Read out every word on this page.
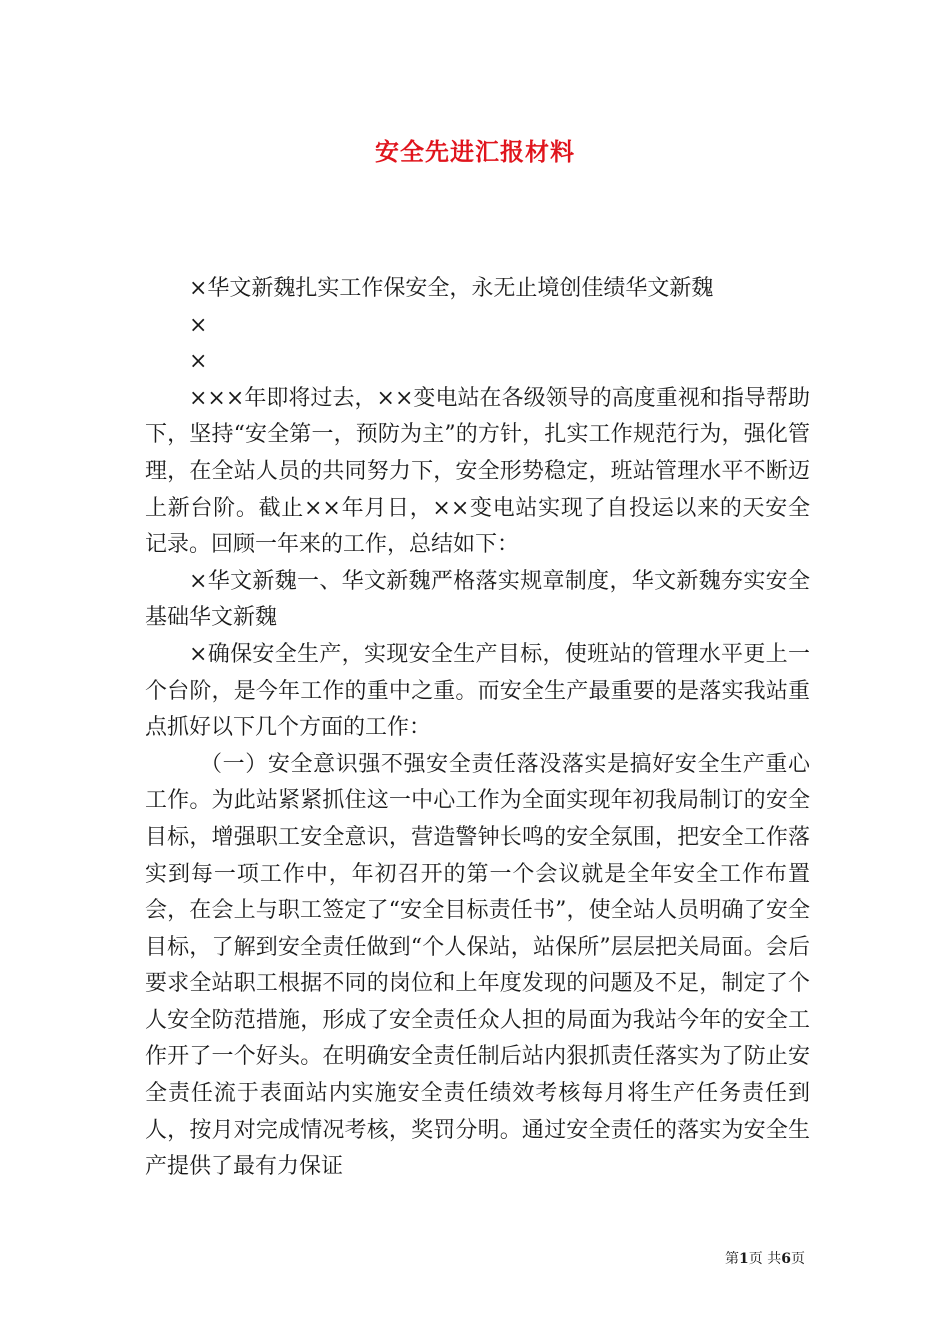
安全先进汇报材料

×华文新魏扎实工作保安全，永无止境创佳绩华文新魏

×

×

×××年即将过去，××变电站在各级领导的高度重视和指导帮助下，坚持“安全第一，预防为主”的方针，扎实工作规范行为，强化管理，在全站人员的共同努力下，安全形势稳定，班站管理水平不断迈上新台阶。截止××年月日，××变电站实现了自投运以来的天安全记录。回顾一年来的工作，总结如下：

×华文新魏一、华文新魏严格落实规章制度，华文新魏夯实安全基础华文新魏

×确保安全生产，实现安全生产目标，使班站的管理水平更上一个台阶，是今年工作的重中之重。而安全生产最重要的是落实我站重点抓好以下几个方面的工作：

（一）安全意识强不强安全责任落没落实是搞好安全生产重心工作。为此站紧紧抓住这一中心工作为全面实现年初我局制订的安全目标，增强职工安全意识，营造警钟长鸣的安全氛围，把安全工作落实到每一项工作中，年初召开的第一个会议就是全年安全工作布置会，在会上与职工签定了“安全目标责任书”，使全站人员明确了安全目标，了解到安全责任做到“个人保站，站保所”层层把关局面。会后要求全站职工根据不同的岗位和上年度发现的问题及不足，制定了个人安全防范措施，形成了安全责任众人担的局面为我站今年的安全工作开了一个好头。在明确安全责任制后站内狠抓责任落实为了防止安全责任流于表面站内实施安全责任绩效考核每月将生产任务责任到人，按月对完成情况考核，奖罚分明。通过安全责任的落实为安全生产提供了最有力保证

第1页 共6页
